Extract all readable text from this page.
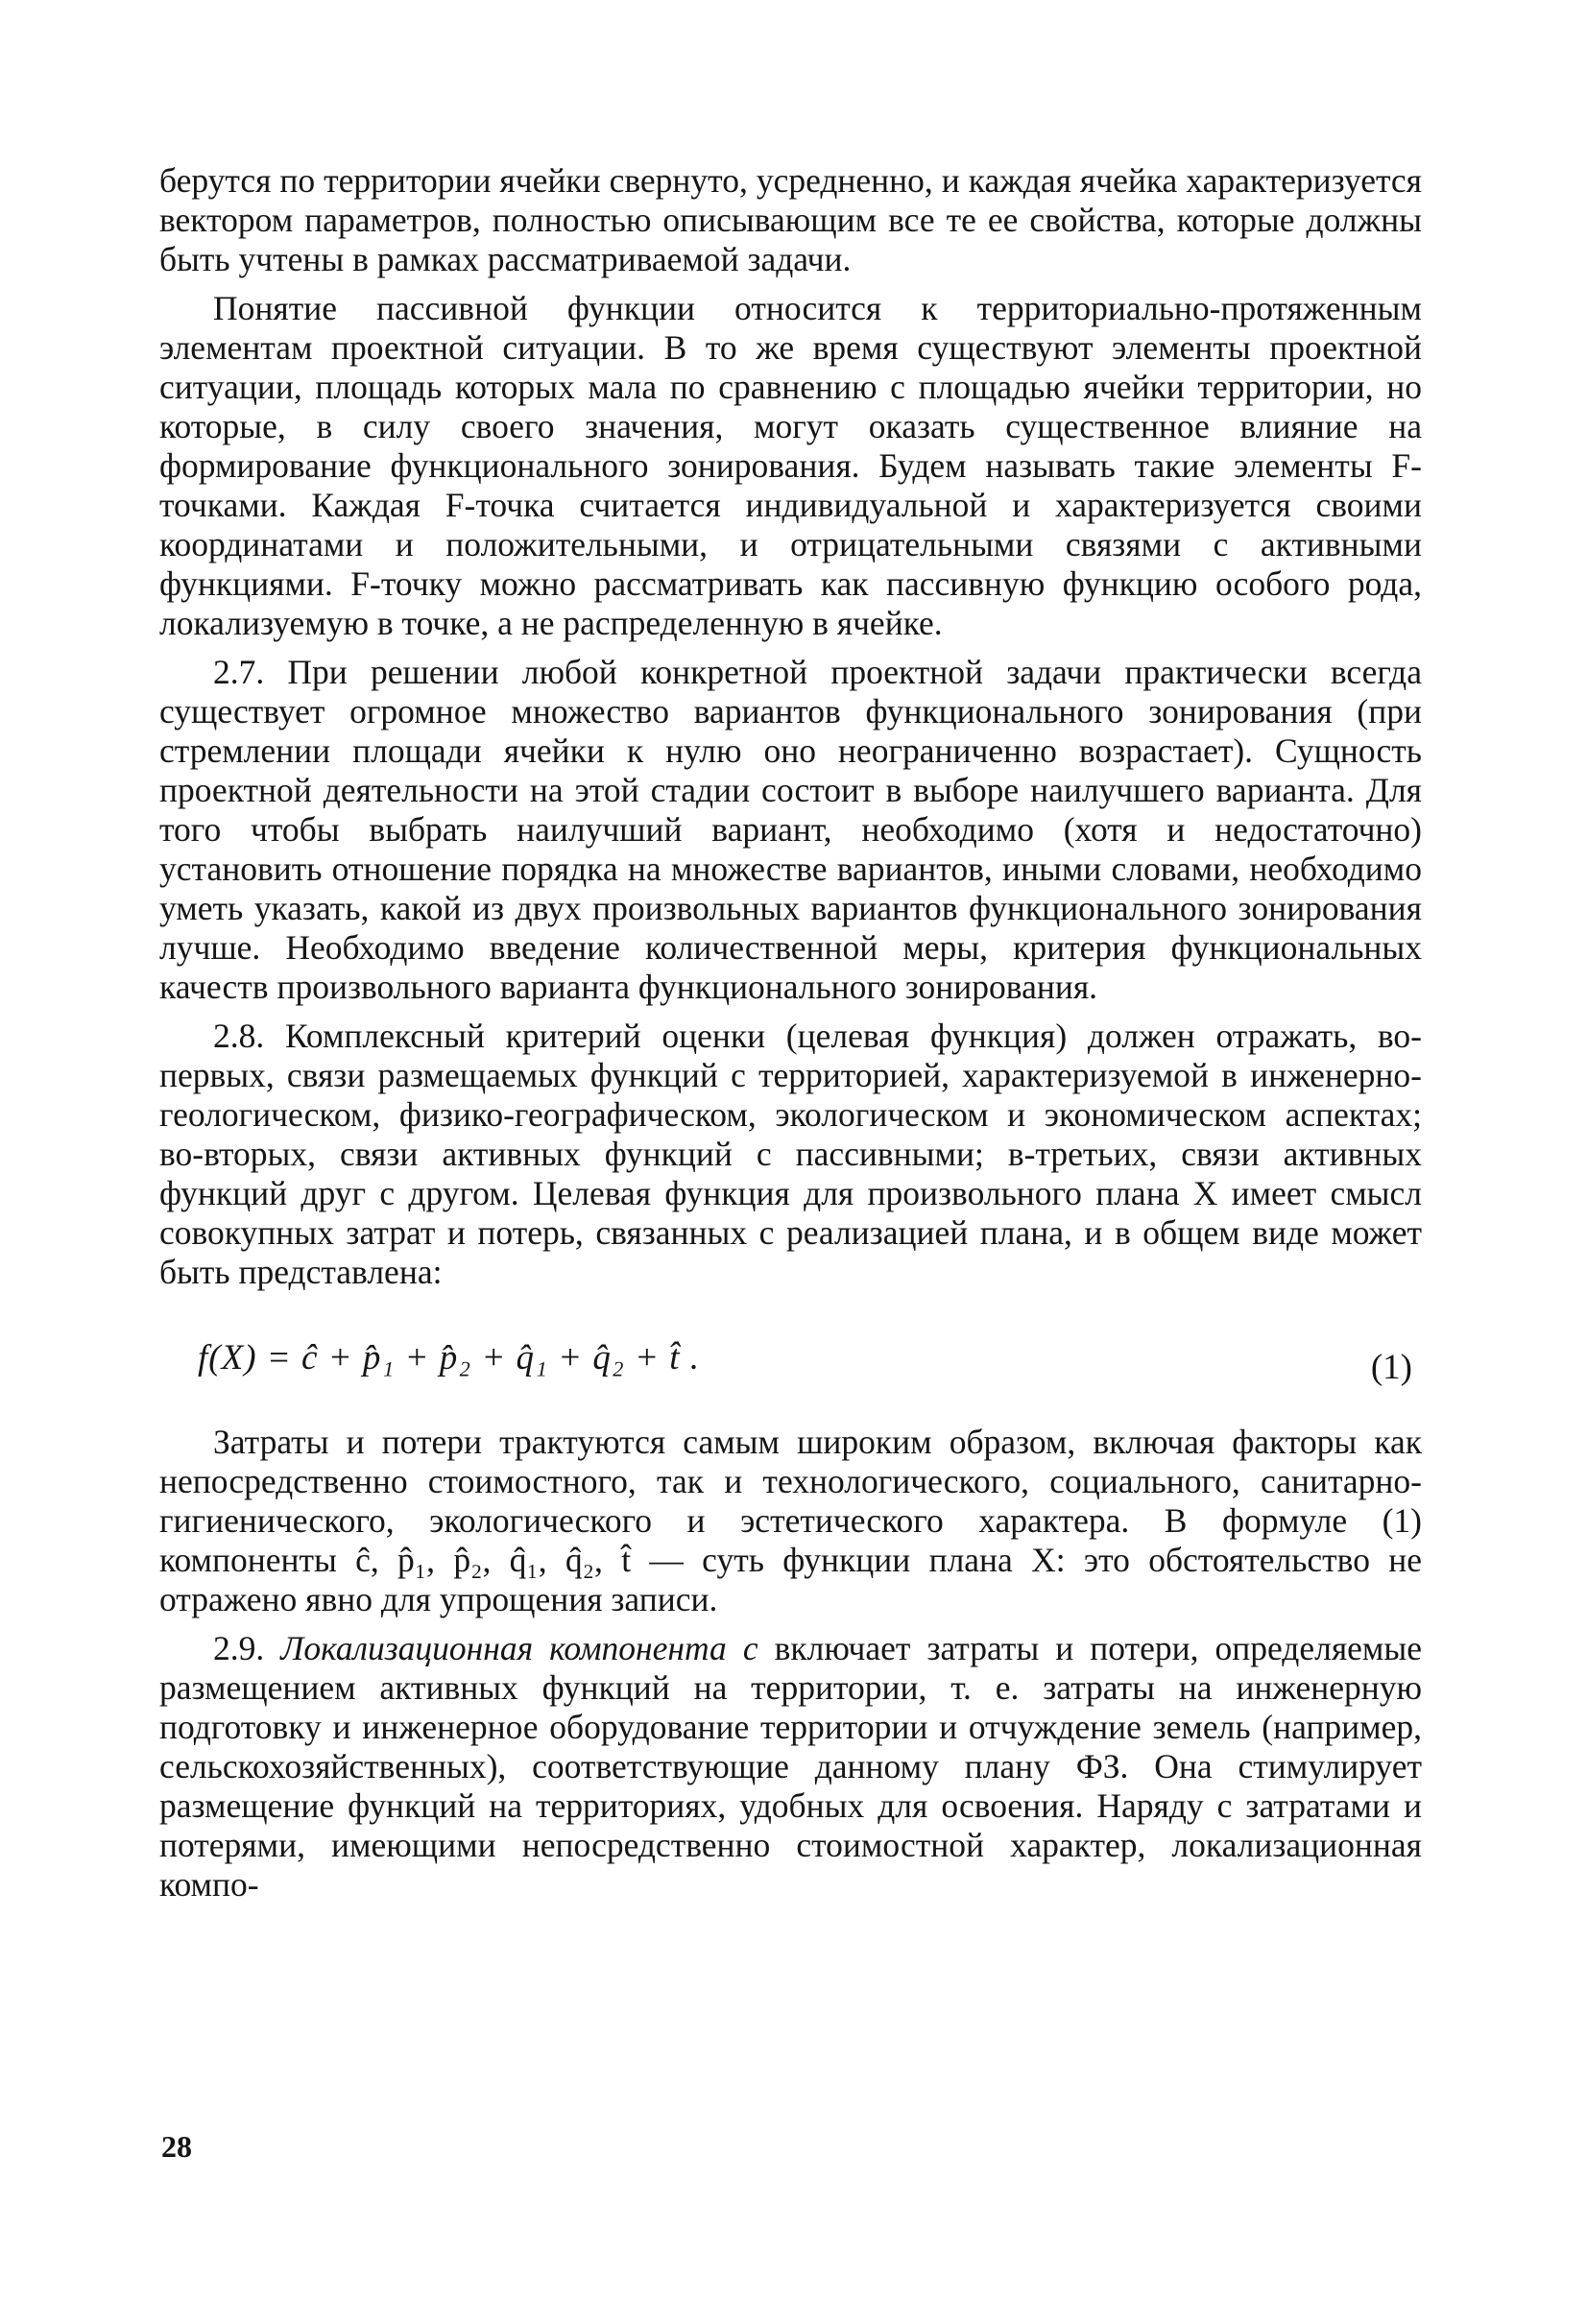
берутся по территории ячейки свернуто, усредненно, и каждая ячейка характеризуется вектором параметров, полностью описывающим все те ее свойства, которые должны быть учтены в рамках рассматриваемой задачи.

Понятие пассивной функции относится к территориально-протяженным элементам проектной ситуации. В то же время существуют элементы проектной ситуации, площадь которых мала по сравнению с площадью ячейки территории, но которые, в силу своего значения, могут оказать существенное влияние на формирование функционального зонирования. Будем называть такие элементы F-точками. Каждая F-точка считается индивидуальной и характеризуется своими координатами и положительными, и отрицательными связями с активными функциями. F-точку можно рассматривать как пассивную функцию особого рода, локализуемую в точке, а не распределенную в ячейке.

2.7. При решении любой конкретной проектной задачи практически всегда существует огромное множество вариантов функционального зонирования (при стремлении площади ячейки к нулю оно неограниченно возрастает). Сущность проектной деятельности на этой стадии состоит в выборе наилучшего варианта. Для того чтобы выбрать наилучший вариант, необходимо (хотя и недостаточно) установить отношение порядка на множестве вариантов, иными словами, необходимо уметь указать, какой из двух произвольных вариантов функционального зонирования лучше. Необходимо введение количественной меры, критерия функциональных качеств произвольного варианта функционального зонирования.

2.8. Комплексный критерий оценки (целевая функция) должен отражать, во-первых, связи размещаемых функций с территорией, характеризуемой в инженерно-геологическом, физико-географическом, экологическом и экономическом аспектах; во-вторых, связи активных функций с пассивными; в-третьих, связи активных функций друг с другом. Целевая функция для произвольного плана X имеет смысл совокупных затрат и потерь, связанных с реализацией плана, и в общем виде может быть представлена:

f(X) = ĉ + p̂₁ + p̂₂ + q̂₁ + q̂₂ + t̂ .	(1)

Затраты и потери трактуются самым широким образом, включая факторы как непосредственно стоимостного, так и технологического, социального, санитарно-гигиенического, экологического и эстетического характера. В формуле (1) компоненты ĉ, p̂₁, p̂₂, q̂₁, q̂₂, t̂ — суть функции плана X: это обстоятельство не отражено явно для упрощения записи.

2.9. Локализационная компонента c включает затраты и потери, определяемые размещением активных функций на территории, т. е. затраты на инженерную подготовку и инженерное оборудование территории и отчуждение земель (например, сельскохозяйственных), соответствующие данному плану ФЗ. Она стимулирует размещение функций на территориях, удобных для освоения. Наряду с затратами и потерями, имеющими непосредственно стоимостной характер, локализационная компо-

28
